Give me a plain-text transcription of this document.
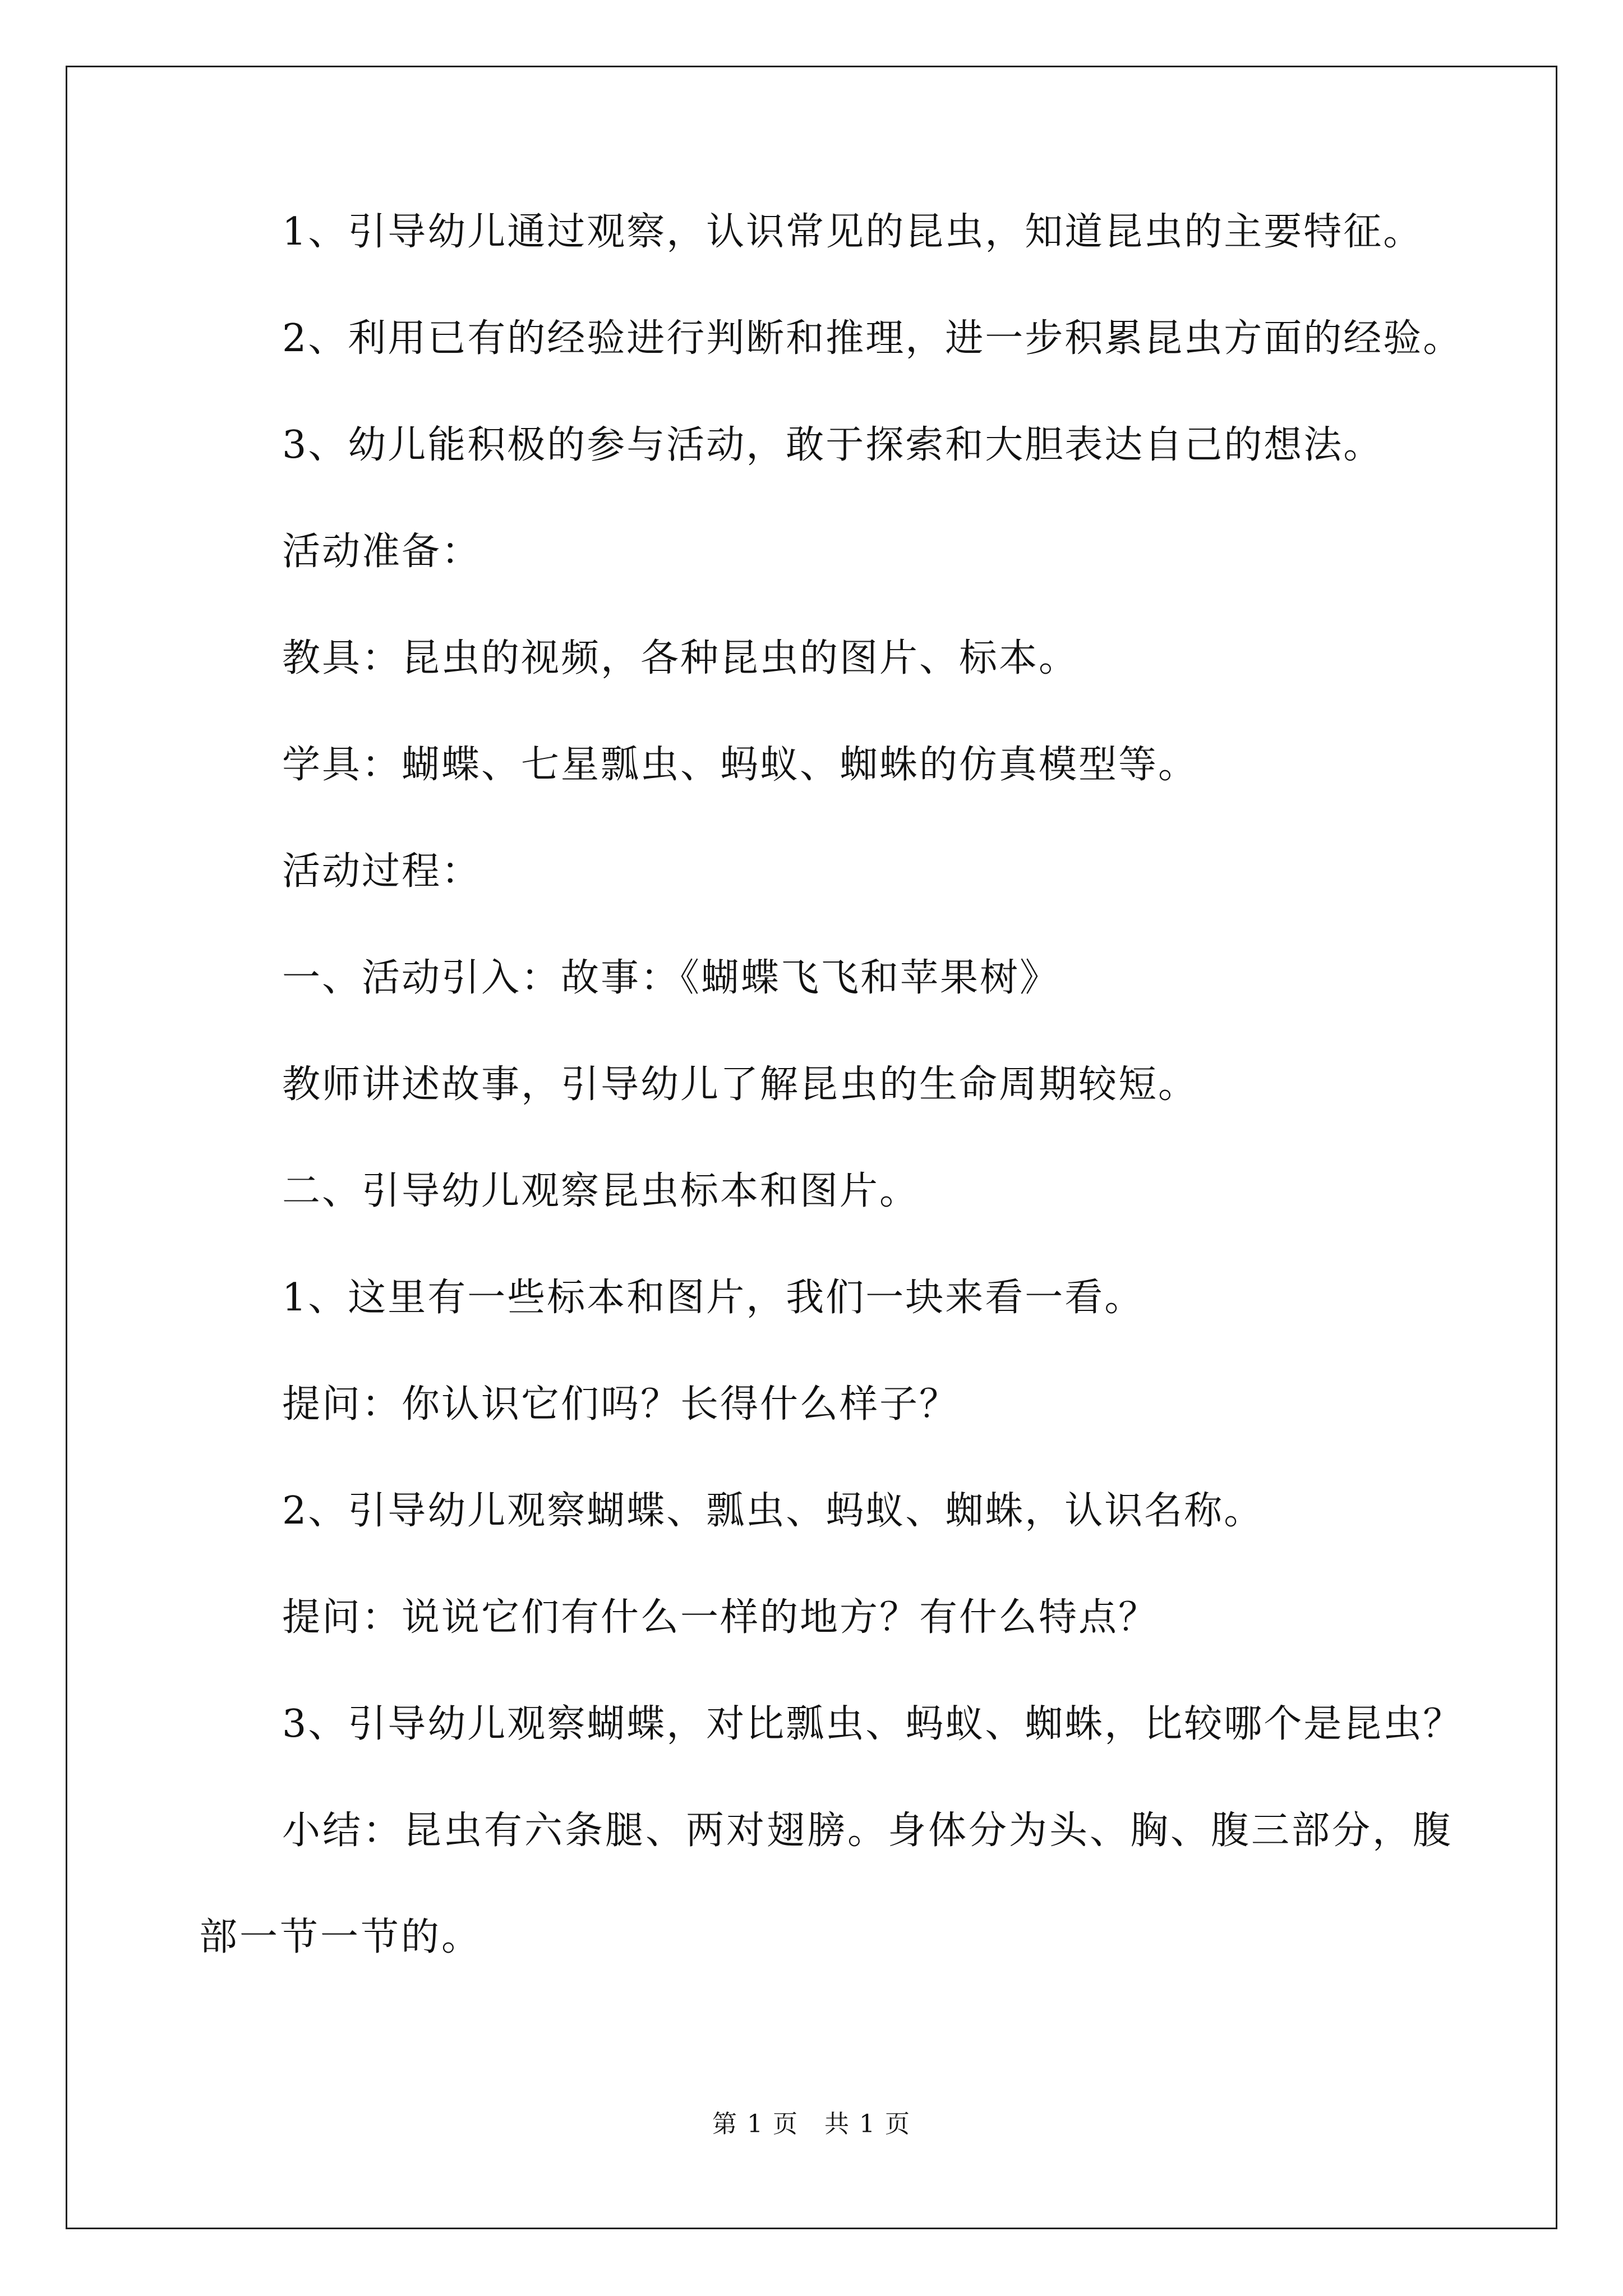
1、引导幼儿通过观察，认识常见的昆虫，知道昆虫的主要特征。

2、利用已有的经验进行判断和推理，进一步积累昆虫方面的经验。

3、幼儿能积极的参与活动，敢于探索和大胆表达自己的想法。

活动准备：

教具：昆虫的视频，各种昆虫的图片、标本。

学具：蝴蝶、七星瓢虫、蚂蚁、蜘蛛的仿真模型等。

活动过程：

一、活动引入：故事：《蝴蝶飞飞和苹果树》

教师讲述故事，引导幼儿了解昆虫的生命周期较短。

二、引导幼儿观察昆虫标本和图片。

1、这里有一些标本和图片，我们一块来看一看。

提问：你认识它们吗？长得什么样子？

2、引导幼儿观察蝴蝶、瓢虫、蚂蚁、蜘蛛，认识名称。

提问：说说它们有什么一样的地方？有什么特点？

3、引导幼儿观察蝴蝶，对比瓢虫、蚂蚁、蜘蛛，比较哪个是昆虫？

小结：昆虫有六条腿、两对翅膀。身体分为头、胸、腹三部分，腹部一节一节的。

第 1 页　共 1 页
